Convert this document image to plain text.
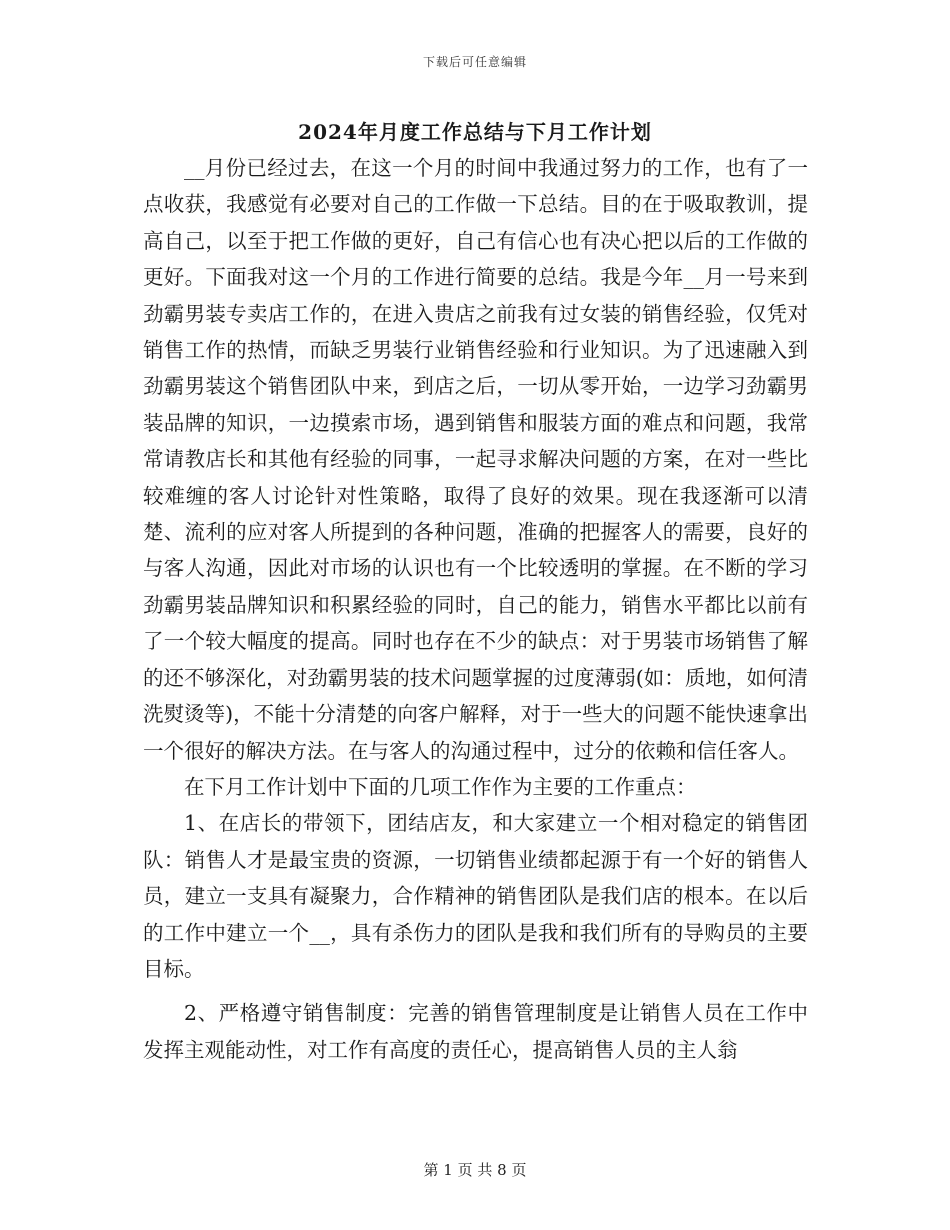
下载后可任意编辑
2024年月度工作总结与下月工作计划

__月份已经过去，在这一个月的时间中我通过努力的工作，也有了一点收获，我感觉有必要对自己的工作做一下总结。目的在于吸取教训，提高自己，以至于把工作做的更好，自己有信心也有决心把以后的工作做的更好。下面我对这一个月的工作进行简要的总结。我是今年__月一号来到劲霸男装专卖店工作的，在进入贵店之前我有过女装的销售经验，仅凭对销售工作的热情，而缺乏男装行业销售经验和行业知识。为了迅速融入到劲霸男装这个销售团队中来，到店之后，一切从零开始，一边学习劲霸男装品牌的知识，一边摸索市场，遇到销售和服装方面的难点和问题，我常常请教店长和其他有经验的同事，一起寻求解决问题的方案，在对一些比较难缠的客人讨论针对性策略，取得了良好的效果。现在我逐渐可以清楚、流利的应对客人所提到的各种问题，准确的把握客人的需要，良好的与客人沟通，因此对市场的认识也有一个比较透明的掌握。在不断的学习劲霸男装品牌知识和积累经验的同时，自己的能力，销售水平都比以前有了一个较大幅度的提高。同时也存在不少的缺点：对于男装市场销售了解的还不够深化，对劲霸男装的技术问题掌握的过度薄弱(如：质地，如何清洗熨烫等)，不能十分清楚的向客户解释，对于一些大的问题不能快速拿出一个很好的解决方法。在与客人的沟通过程中，过分的依赖和信任客人。

在下月工作计划中下面的几项工作作为主要的工作重点：

1、在店长的带领下，团结店友，和大家建立一个相对稳定的销售团队：销售人才是最宝贵的资源，一切销售业绩都起源于有一个好的销售人员，建立一支具有凝聚力，合作精神的销售团队是我们店的根本。在以后的工作中建立一个__，具有杀伤力的团队是我和我们所有的导购员的主要目标。

2、严格遵守销售制度：完善的销售管理制度是让销售人员在工作中发挥主观能动性，对工作有高度的责任心，提高销售人员的主人翁

第 1 页 共 8 页
